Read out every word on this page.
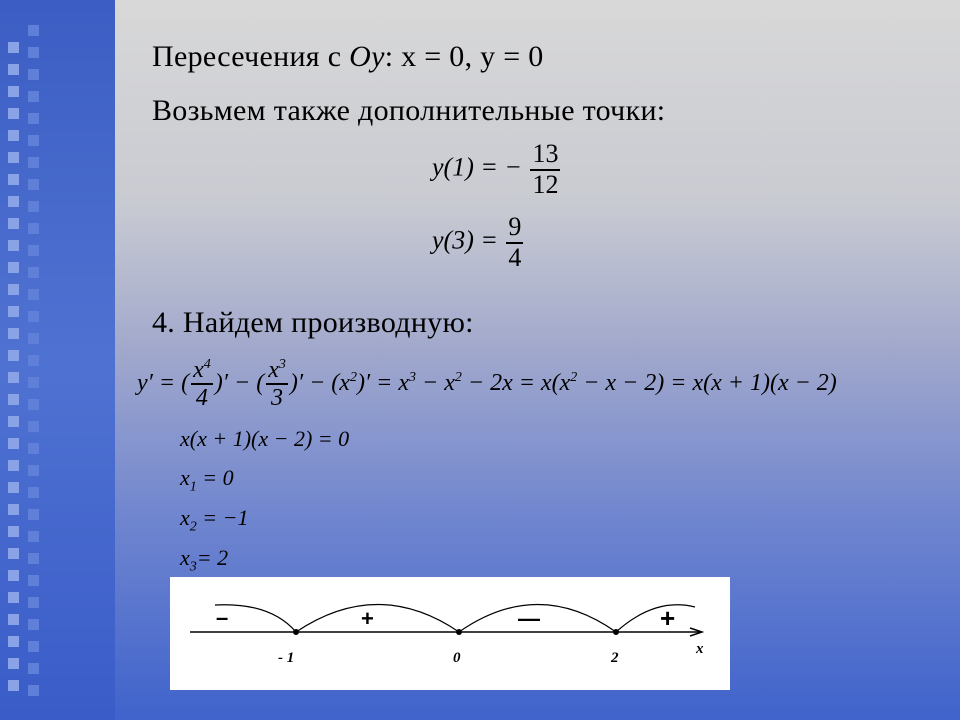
Пересечения с Oy: x = 0, y = 0
Возьмем также дополнительные точки:
y(1) = − $\frac{13}{12}$
$y(3) = \frac{9}{4}$
4. Найдем производную:
y′ = ( $\frac{x^4}{4}$ )′ − ( $\frac{x^3}{3}$ )′ − $(x^2)' = x^3 - x^2 - 2x = x(x^2 - x - 2) = x(x + 1)(x - 2)$
x(x + 1)(x − 2) = 0
$x_1 = 0$
$x_2 = -1$
$x_3= 2$
- 1	0	2
x
–	+	—	+
